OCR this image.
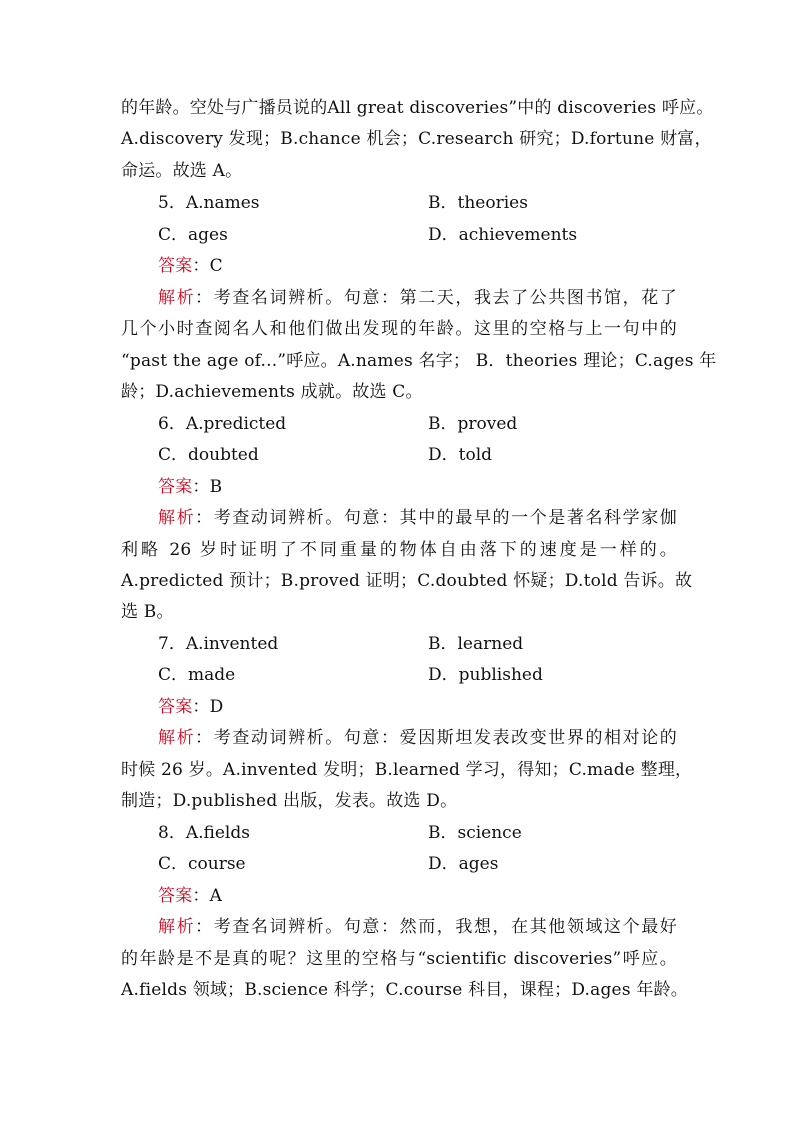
的年龄。空处与广播员说的All great discoveries”中的 discoveries 呼应。
A.discovery 发现；B.chance 机会；C.research 研究；D.fortune 财富，
命运。故选 A。
5．A.names	B．theories
C．ages	D．achievements
答案：C
解析：考查名词辨析。句意：第二天，我去了公共图书馆，花了
几个小时查阅名人和他们做出发现的年龄。这里的空格与上一句中的
“past the age of...”呼应。A.names 名字； B．theories 理论；C.ages 年
龄；D.achievements 成就。故选 C。
6．A.predicted	B．proved
C．doubted	D．told
答案：B
解析：考查动词辨析。句意：其中的最早的一个是著名科学家伽
利略 26 岁时证明了不同重量的物体自由落下的速度是一样的。
A.predicted 预计；B.proved 证明；C.doubted 怀疑；D.told 告诉。故
选 B。
7．A.invented	B．learned
C．made	D．published
答案：D
解析：考查动词辨析。句意：爱因斯坦发表改变世界的相对论的
时候 26 岁。A.invented 发明；B.learned 学习，得知；C.made 整理，
制造；D.published 出版，发表。故选 D。
8．A.fields	B．science
C．course	D．ages
答案：A
解析：考查名词辨析。句意：然而，我想，在其他领域这个最好
的年龄是不是真的呢？这里的空格与“scientific discoveries”呼应。
A.fields 领域；B.science 科学；C.course 科目，课程；D.ages 年龄。
